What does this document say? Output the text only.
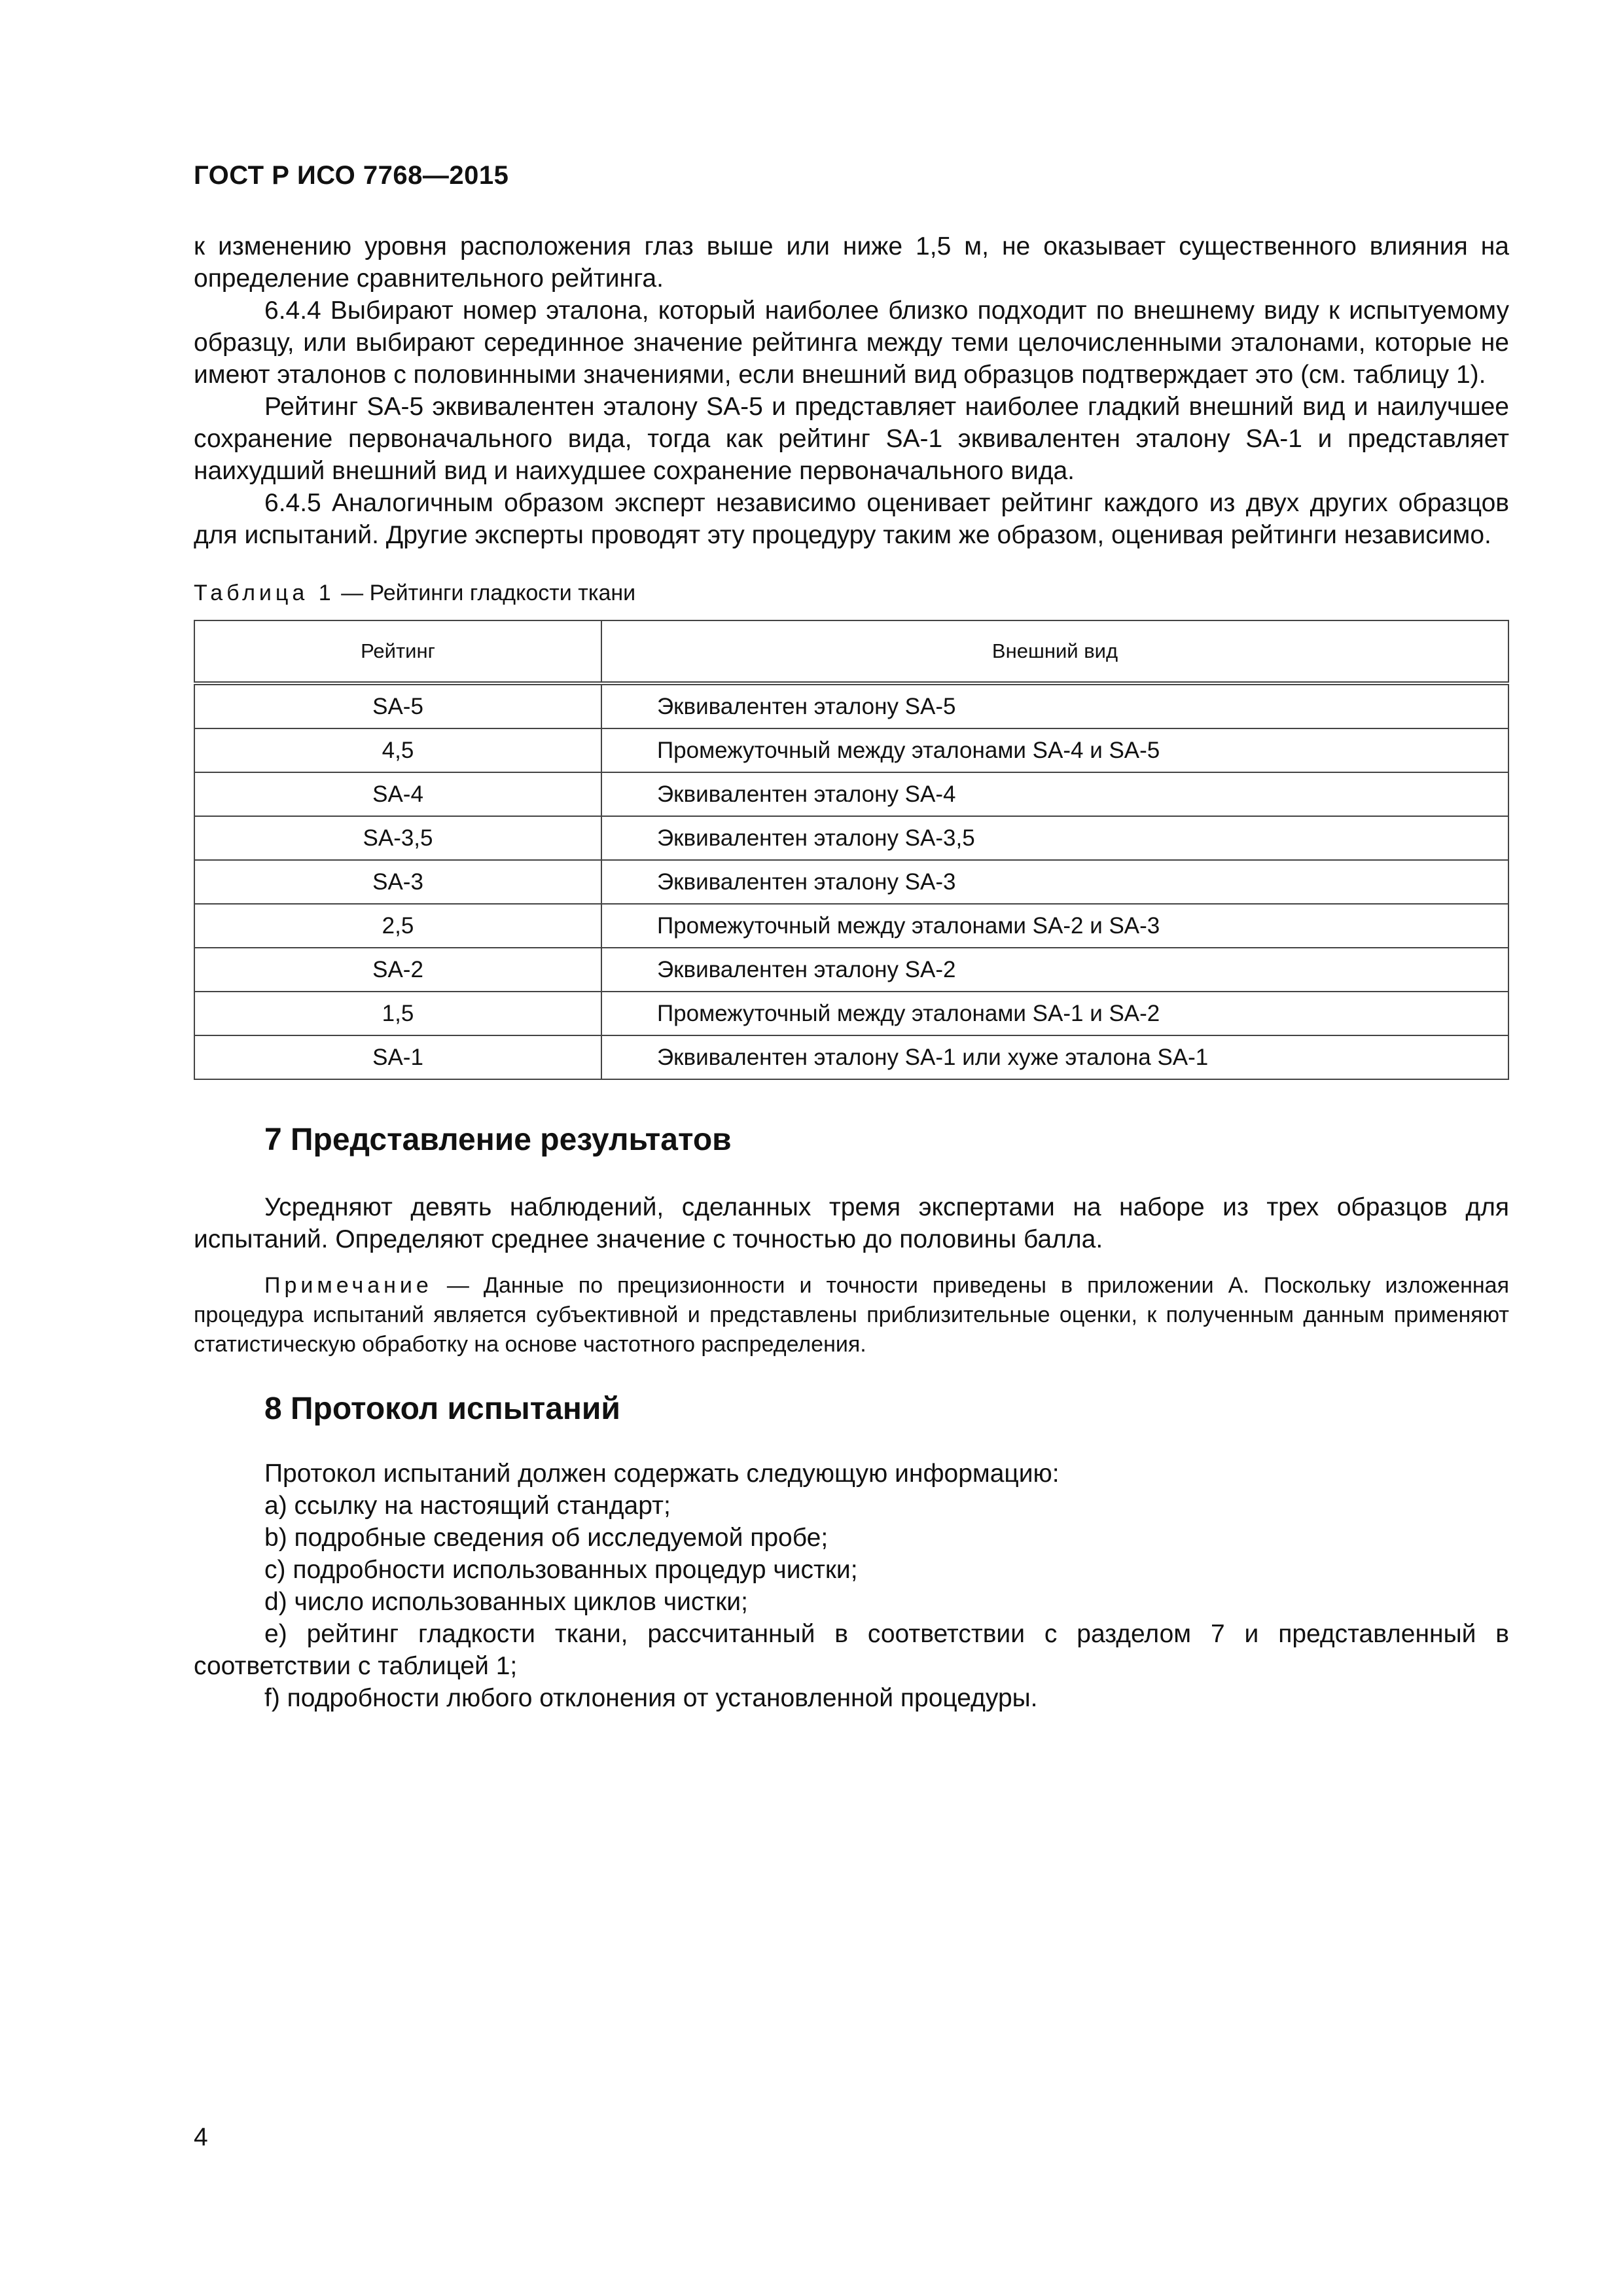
ГОСТ Р ИСО 7768—2015

к изменению уровня расположения глаз выше или ниже 1,5 м, не оказывает существенного влияния на определение сравнительного рейтинга.

6.4.4 Выбирают номер эталона, который наиболее близко подходит по внешнему виду к испытуемому образцу, или выбирают серединное значение рейтинга между теми целочисленными эталонами, которые не имеют эталонов с половинными значениями, если внешний вид образцов подтверждает это (см. таблицу 1).

Рейтинг SA-5 эквивалентен эталону SA-5 и представляет наиболее гладкий внешний вид и наилучшее сохранение первоначального вида, тогда как рейтинг SA-1 эквивалентен эталону SA-1 и представляет наихудший внешний вид и наихудшее сохранение первоначального вида.

6.4.5 Аналогичным образом эксперт независимо оценивает рейтинг каждого из двух других образцов для испытаний. Другие эксперты проводят эту процедуру таким же образом, оценивая рейтинги независимо.

Таблица 1 — Рейтинги гладкости ткани

Рейтинг	Внешний вид
SA-5	Эквивалентен эталону SA-5
4,5	Промежуточный между эталонами SA-4 и SA-5
SA-4	Эквивалентен эталону SA-4
SA-3,5	Эквивалентен эталону SA-3,5
SA-3	Эквивалентен эталону SA-3
2,5	Промежуточный между эталонами SA-2 и SA-3
SA-2	Эквивалентен эталону SA-2
1,5	Промежуточный между эталонами SA-1 и SA-2
SA-1	Эквивалентен эталону SA-1 или хуже эталона SA-1
7 Представление результатов

Усредняют девять наблюдений, сделанных тремя экспертами на наборе из трех образцов для испытаний. Определяют среднее значение с точностью до половины балла.

Примечание — Данные по прецизионности и точности приведены в приложении А. Поскольку изложенная процедура испытаний является субъективной и представлены приблизительные оценки, к полученным данным применяют статистическую обработку на основе частотного распределения.

8 Протокол испытаний

Протокол испытаний должен содержать следующую информацию:

a) ссылку на настоящий стандарт;

b) подробные сведения об исследуемой пробе;

c) подробности использованных процедур чистки;

d) число использованных циклов чистки;

e) рейтинг гладкости ткани, рассчитанный в соответствии с разделом 7 и представленный в соответствии с таблицей 1;

f) подробности любого отклонения от установленной процедуры.

4
